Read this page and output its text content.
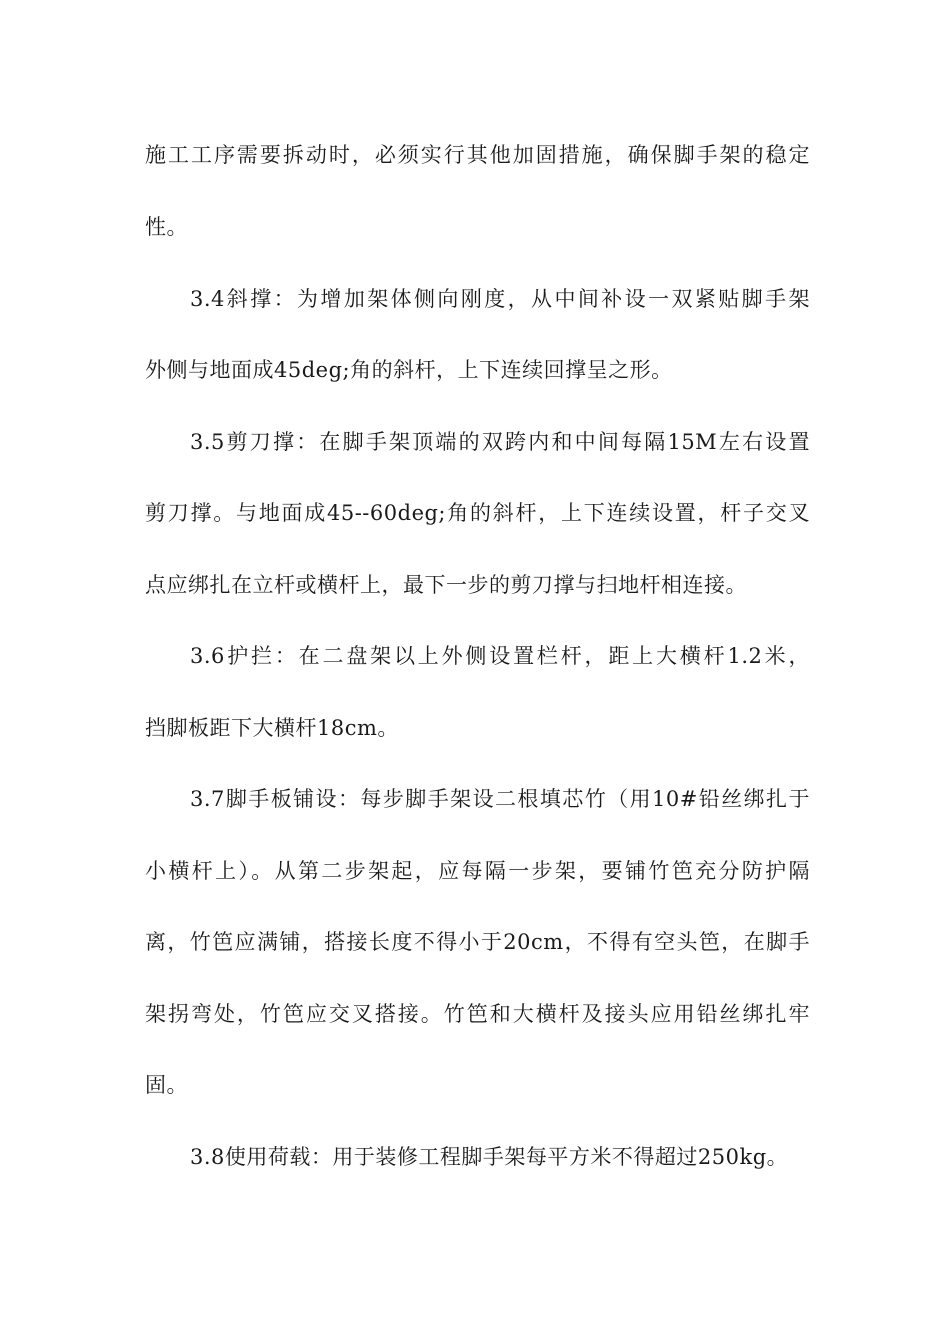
施工工序需要拆动时，必须实行其他加固措施，确保脚手架的稳定
性。
3.4斜撑：为增加架体侧向刚度，从中间补设一双紧贴脚手架
外侧与地面成45deg;角的斜杆，上下连续回撑呈之形。
3.5剪刀撑：在脚手架顶端的双跨内和中间每隔15M左右设置
剪刀撑。与地面成45--60deg;角的斜杆，上下连续设置，杆子交叉
点应绑扎在立杆或横杆上，最下一步的剪刀撑与扫地杆相连接。
3.6护拦：在二盘架以上外侧设置栏杆，距上大横杆1.2米，
挡脚板距下大横杆18cm。
3.7脚手板铺设：每步脚手架设二根填芯竹（用10#铅丝绑扎于
小横杆上）。从第二步架起，应每隔一步架，要铺竹笆充分防护隔
离，竹笆应满铺，搭接长度不得小于20cm，不得有空头笆，在脚手
架拐弯处，竹笆应交叉搭接。竹笆和大横杆及接头应用铅丝绑扎牢
固。
3.8使用荷载：用于装修工程脚手架每平方米不得超过250kg。
